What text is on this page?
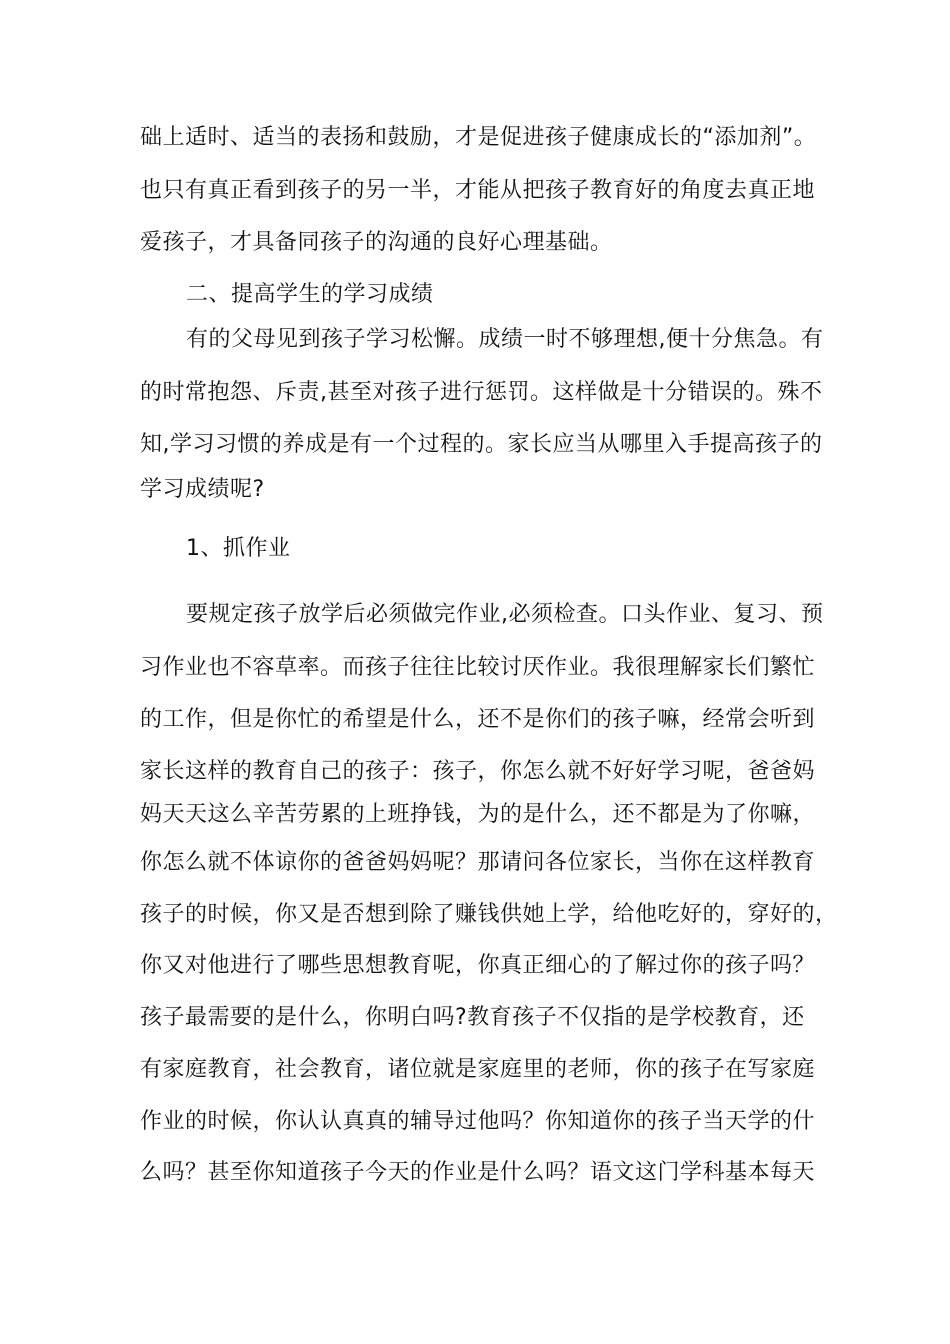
础上适时、适当的表扬和鼓励，才是促进孩子健康成长的“添加剂”。
也只有真正看到孩子的另一半，才能从把孩子教育好的角度去真正地
爱孩子，才具备同孩子的沟通的良好心理基础。
二、提高学生的学习成绩
有的父母见到孩子学习松懈。成绩一时不够理想,便十分焦急。有
的时常抱怨、斥责,甚至对孩子进行惩罚。这样做是十分错误的。殊不
知,学习习惯的养成是有一个过程的。家长应当从哪里入手提高孩子的
学习成绩呢?
1、抓作业
要规定孩子放学后必须做完作业,必须检查。口头作业、复习、预
习作业也不容草率。而孩子往往比较讨厌作业。我很理解家长们繁忙
的工作，但是你忙的希望是什么，还不是你们的孩子嘛，经常会听到
家长这样的教育自己的孩子：孩子，你怎么就不好好学习呢，爸爸妈
妈天天这么辛苦劳累的上班挣钱，为的是什么，还不都是为了你嘛，
你怎么就不体谅你的爸爸妈妈呢？那请问各位家长，当你在这样教育
孩子的时候，你又是否想到除了赚钱供她上学，给他吃好的，穿好的，
你又对他进行了哪些思想教育呢，你真正细心的了解过你的孩子吗？
孩子最需要的是什么，你明白吗?教育孩子不仅指的是学校教育，还
有家庭教育，社会教育，诸位就是家庭里的老师，你的孩子在写家庭
作业的时候，你认认真真的辅导过他吗？你知道你的孩子当天学的什
么吗？甚至你知道孩子今天的作业是什么吗？语文这门学科基本每天
